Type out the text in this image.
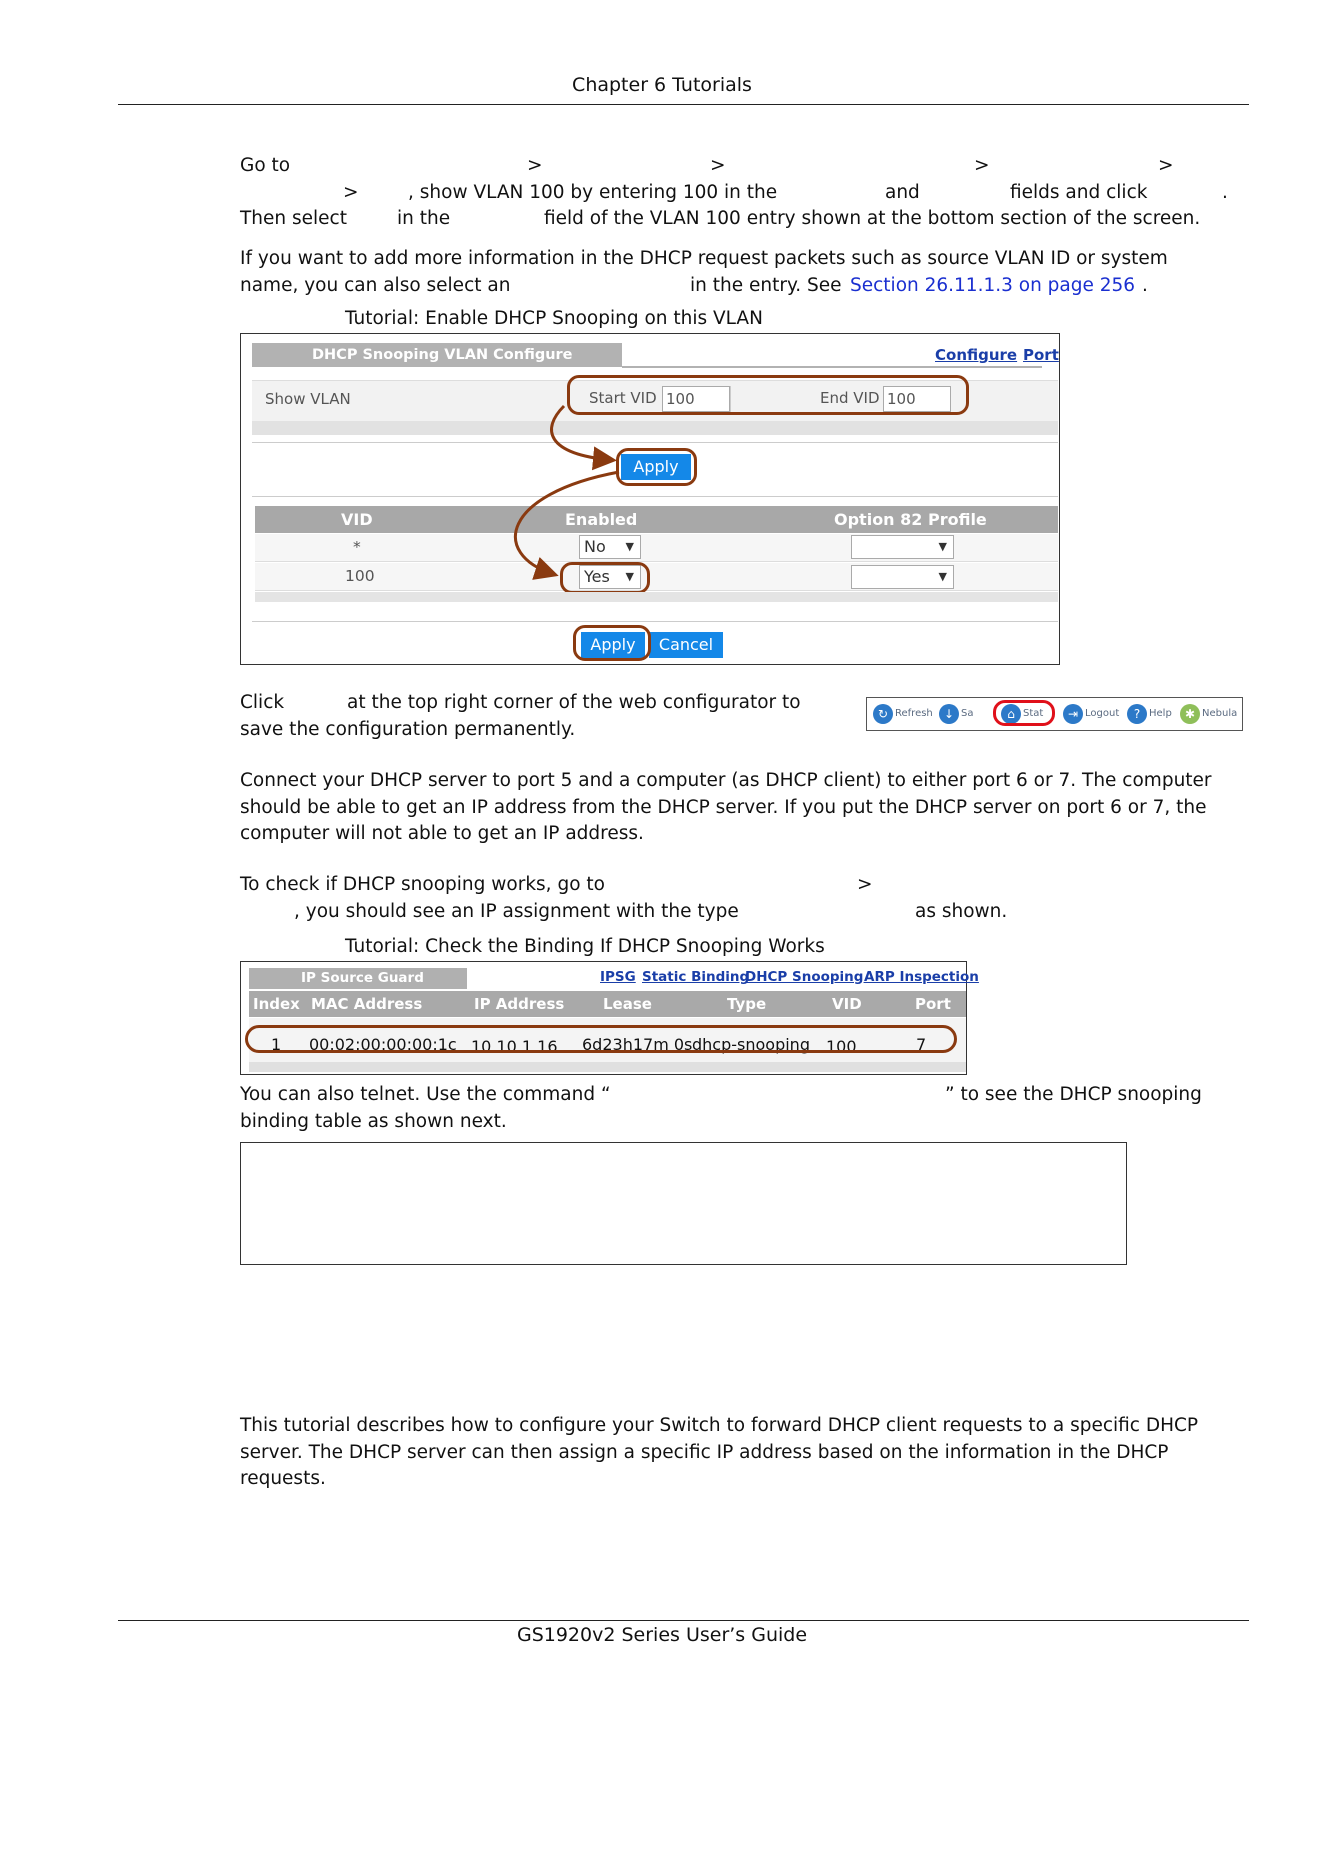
Chapter 6 Tutorials
Go to	>	>	>	>
>	, show VLAN 100 by entering 100 in the	and	fields and click	.
Then select	in the	field of the VLAN 100 entry shown at the bottom section of the screen.
If you want to add more information in the DHCP request packets such as source VLAN ID or system
name, you can also select an	in the entry. See Section 26.11.1.3 on page 256 .
Tutorial: Enable DHCP Snooping on this VLAN
DHCP Snooping VLAN Configure	Configure Port
Show VLAN	Start VID 100	End VID 100
Apply
VID	Enabled	Option 82 Profile
*	No ▼	▼
100	Yes ▼	▼
Apply	Cancel
Click	at the top right corner of the web configurator to
save the configuration permanently.
↻ Refresh ↓ Sa	⌂ Stat	⇥ Logout	? Help	✱ Nebula
Connect your DHCP server to port 5 and a computer (as DHCP client) to either port 6 or 7. The computer
should be able to get an IP address from the DHCP server. If you put the DHCP server on port 6 or 7, the
computer will not able to get an IP address.
To check if DHCP snooping works, go to	>
, you should see an IP assignment with the type	as shown.
Tutorial: Check the Binding If DHCP Snooping Works
IP Source Guard	IPSG Static Binding
DHCP Snooping ARP Inspection
Index MAC Address	IP Address	Lease	Type	VID	Port
1 00:02:00:00:00:1c 10.10.1.16 6d23h17m 0s dhcp-snooping 100	7
You can also telnet. Use the command “	” to see the DHCP snooping
binding table as shown next.
This tutorial describes how to configure your Switch to forward DHCP client requests to a specific DHCP
server. The DHCP server can then assign a specific IP address based on the information in the DHCP
requests.
GS1920v2 Series User’s Guide
